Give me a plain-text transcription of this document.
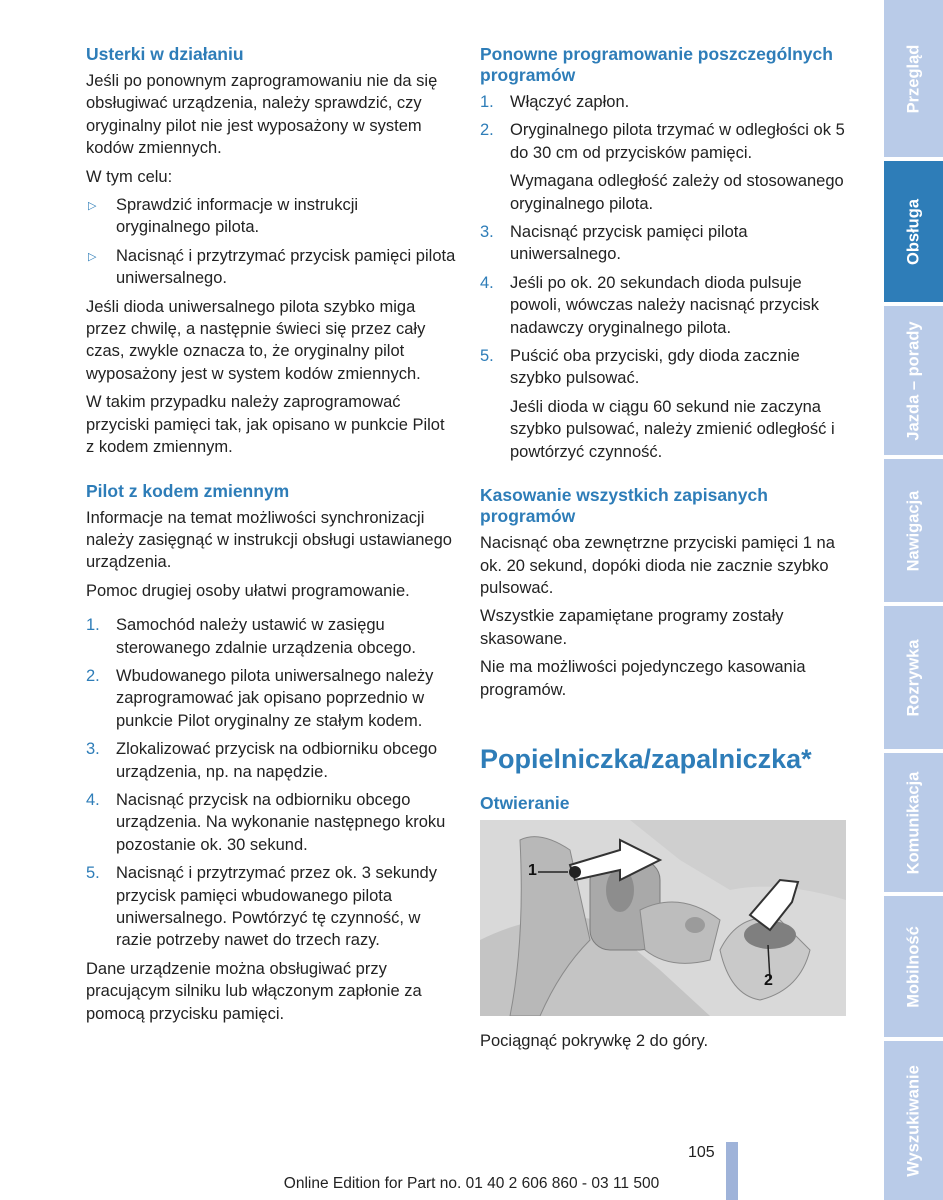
Usterki w działaniu

Jeśli po ponownym zaprogramowaniu nie da się obsługiwać urządzenia, należy sprawdzić, czy oryginalny pilot nie jest wyposażony w system kodów zmiennych.

W tym celu:

▷ Sprawdzić informacje w instrukcji oryginalnego pilota.
▷ Nacisnąć i przytrzymać przycisk pamięci pilota uniwersalnego.

Jeśli dioda uniwersalnego pilota szybko miga przez chwilę, a następnie świeci się przez cały czas, zwykle oznacza to, że oryginalny pilot wyposażony jest w system kodów zmiennych.

W takim przypadku należy zaprogramować przyciski pamięci tak, jak opisano w punkcie Pilot z kodem zmiennym.

Pilot z kodem zmiennym

Informacje na temat możliwości synchronizacji należy zasięgnąć w instrukcji obsługi ustawianego urządzenia.

Pomoc drugiej osoby ułatwi programowanie.

1. Samochód należy ustawić w zasięgu sterowanego zdalnie urządzenia obcego.
2. Wbudowanego pilota uniwersalnego należy zaprogramować jak opisano poprzednio w punkcie Pilot oryginalny ze stałym kodem.
3. Zlokalizować przycisk na odbiorniku obcego urządzenia, np. na napędzie.
4. Nacisnąć przycisk na odbiorniku obcego urządzenia. Na wykonanie następnego kroku pozostanie ok. 30 sekund.
5. Nacisnąć i przytrzymać przez ok. 3 sekundy przycisk pamięci wbudowanego pilota uniwersalnego. Powtórzyć tę czynność, w razie potrzeby nawet do trzech razy.

Dane urządzenie można obsługiwać przy pracującym silniku lub włączonym zapłonie za pomocą przycisku pamięci.

Ponowne programowanie poszczególnych programów
1. Włączyć zapłon.
2. Oryginalnego pilota trzymać w odległości ok 5 do 30 cm od przycisków pamięci.

Wymagana odległość zależy od stosowanego oryginalnego pilota.

3. Nacisnąć przycisk pamięci pilota uniwersalnego.
4. Jeśli po ok. 20 sekundach dioda pulsuje powoli, wówczas należy nacisnąć przycisk nadawczy oryginalnego pilota.
5. Puścić oba przyciski, gdy dioda zacznie szybko pulsować.

Jeśli dioda w ciągu 60 sekund nie zaczyna szybko pulsować, należy zmienić odległość i powtórzyć czynność.

Kasowanie wszystkich zapisanych programów

Nacisnąć oba zewnętrzne przyciski pamięci 1 na ok. 20 sekund, dopóki dioda nie zacznie szybko pulsować.

Wszystkie zapamiętane programy zostały skasowane.

Nie ma możliwości pojedynczego kasowania programów.

Popielniczka/zapalniczka*
Otwieranie
1
2

Pociągnąć pokrywkę 2 do góry.

105
Online Edition for Part no. 01 40 2 606 860 - 03 11 500
Przegląd
Obsługa
Jazda – porady
Nawigacja
Rozrywka
Komunikacja
Mobilność
Wyszukiwanie
